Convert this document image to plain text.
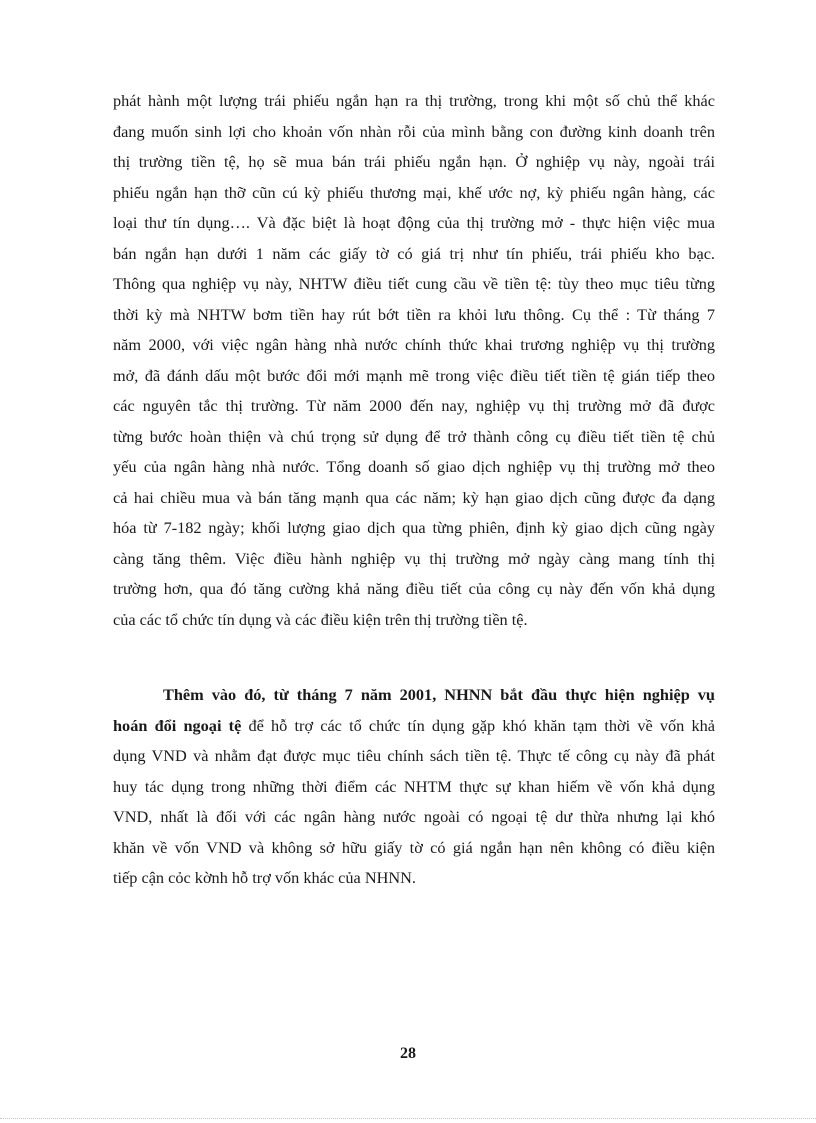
phát hành một lượng trái phiếu ngắn hạn ra thị trường, trong khi một số chủ thể khác
đang muốn sinh lợi cho khoản vốn nhàn rỗi của mình bằng con đường kinh doanh trên
thị trường tiền tệ, họ sẽ mua bán trái phiếu ngắn hạn. Ở nghiệp vụ này, ngoài trái
phiếu ngắn hạn thỡ cũn cú kỳ phiếu thương mại, khế ước nợ, kỳ phiếu ngân hàng, các
loại thư tín dụng…. Và đặc biệt là hoạt động của thị trường mở - thực hiện việc mua
bán ngắn hạn dưới 1 năm các giấy tờ có giá trị như tín phiếu, trái phiếu kho bạc.
Thông qua nghiệp vụ này, NHTW điều tiết cung cầu về tiền tệ: tùy theo mục tiêu từng
thời kỳ mà NHTW bơm tiền hay rút bớt tiền ra khỏi lưu thông. Cụ thể : Từ tháng 7
năm 2000, với việc ngân hàng nhà nước chính thức khai trương nghiệp vụ thị trường
mở, đã đánh dấu một bước đổi mới mạnh mẽ trong việc điều tiết tiền tệ gián tiếp theo
các nguyên tắc thị trường. Từ năm 2000 đến nay, nghiệp vụ thị trường mở đã được
từng bước hoàn thiện và chú trọng sử dụng để trở thành công cụ điều tiết tiền tệ chủ
yếu của ngân hàng nhà nước. Tổng doanh số giao dịch nghiệp vụ thị trường mở theo
cả hai chiều mua và bán tăng mạnh qua các năm; kỳ hạn giao dịch cũng được đa dạng
hóa từ 7-182 ngày; khối lượng giao dịch qua từng phiên, định kỳ giao dịch cũng ngày
càng tăng thêm. Việc điều hành nghiệp vụ thị trường mở ngày càng mang tính thị
trường hơn, qua đó tăng cường khả năng điều tiết của công cụ này đến vốn khả dụng
của các tổ chức tín dụng và các điều kiện trên thị trường tiền tệ.
Thêm vào đó, từ tháng 7 năm 2001, NHNN bắt đầu thực hiện nghiệp vụ
hoán đổi ngoại tệ để hỗ trợ các tổ chức tín dụng gặp khó khăn tạm thời về vốn khả
dụng VND và nhằm đạt được mục tiêu chính sách tiền tệ. Thực tế công cụ này đã phát
huy tác dụng trong những thời điểm các NHTM thực sự khan hiếm về vốn khả dụng
VND, nhất là đối với các ngân hàng nước ngoài có ngoại tệ dư thừa nhưng lại khó
khăn về vốn VND và không sở hữu giấy tờ có giá ngắn hạn nên không có điều kiện
tiếp cận cỏc kờnh hỗ trợ vốn khác của NHNN.
28
